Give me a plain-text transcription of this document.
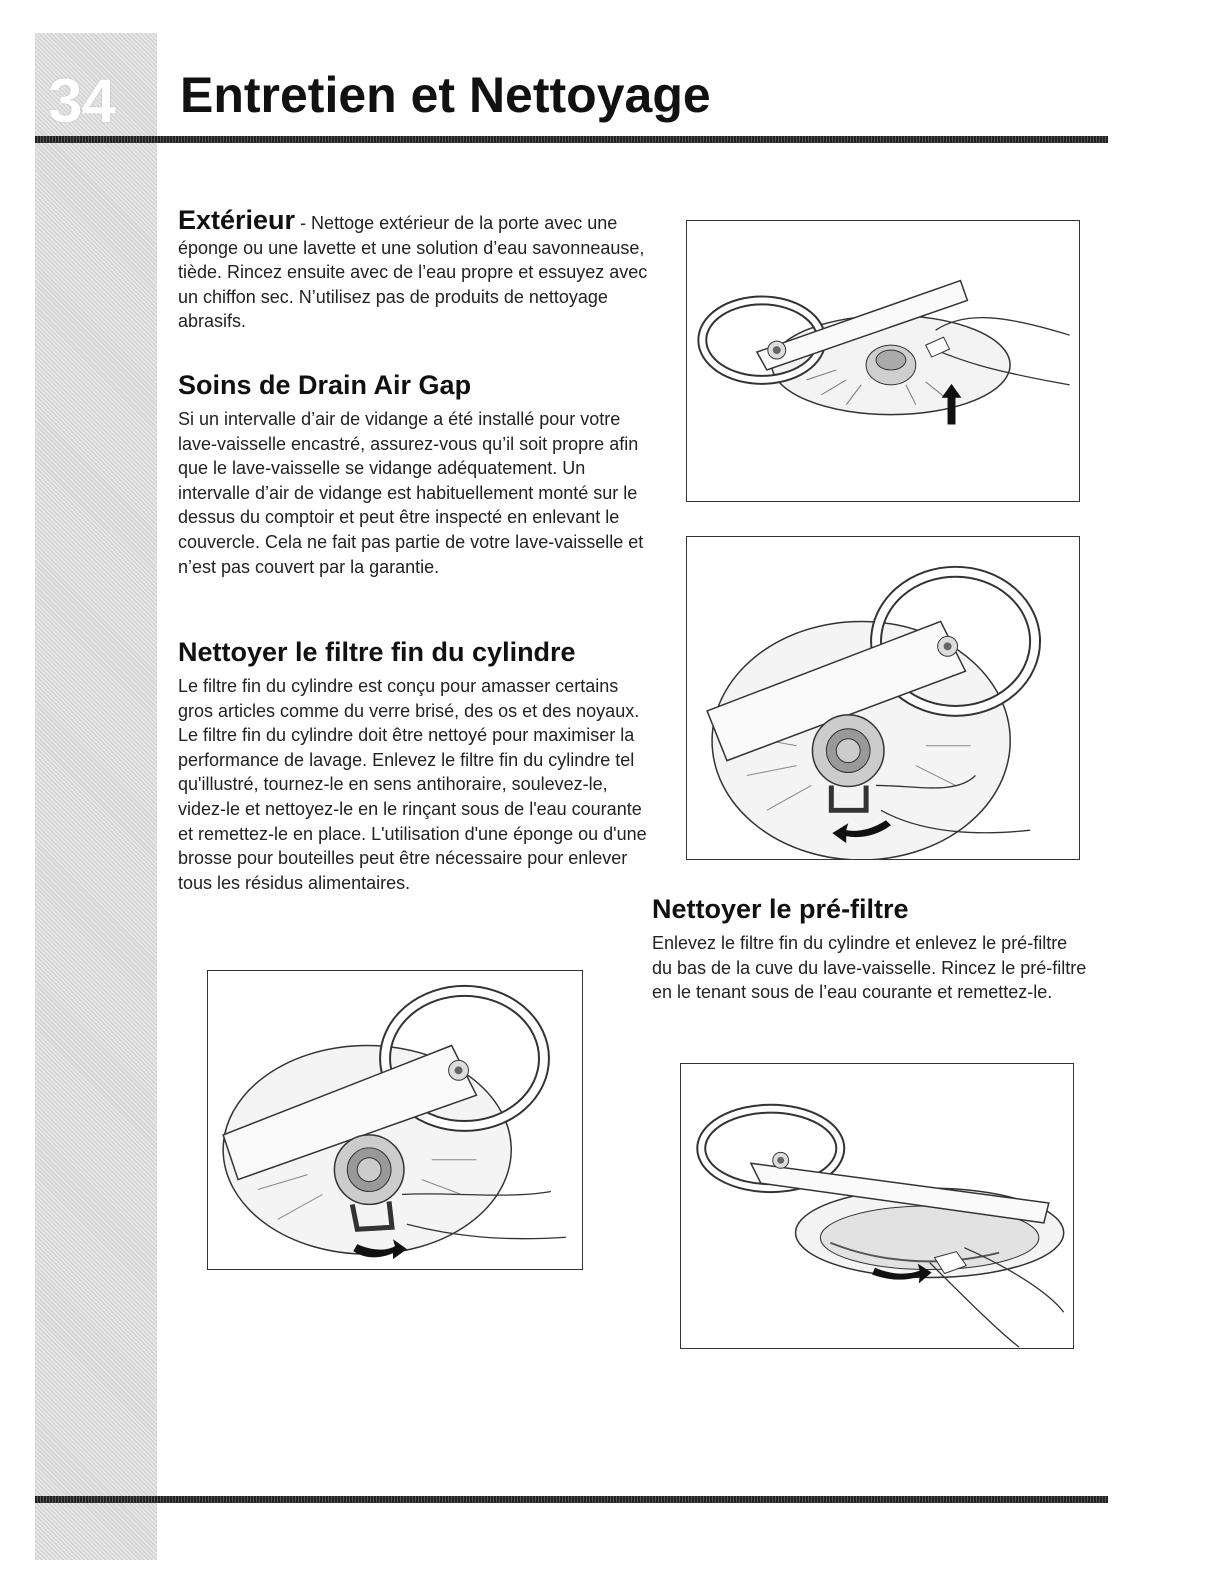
34 Entretien et Nettoyage

Extérieur - Nettoge extérieur de la porte avec une éponge ou une lavette et une solution d’eau savonneause, tiède. Rincez ensuite avec de l’eau propre et essuyez avec un chiffon sec. N’utilisez pas de produits de nettoyage abrasifs.

Soins de Drain Air Gap

Si un intervalle d’air de vidange a été installé pour votre lave-vaisselle encastré, assurez-vous qu’il soit propre afin que le lave-vaisselle se vidange adéquatement. Un intervalle d’air de vidange est habituellement monté sur le dessus du comptoir et peut être inspecté en enlevant le couvercle. Cela ne fait pas partie de votre lave-vaisselle et n’est pas couvert par la garantie.

Nettoyer le filtre fin du cylindre

Le filtre fin du cylindre est conçu pour amasser certains gros articles comme du verre brisé, des os et des noyaux. Le filtre fin du cylindre doit être nettoyé pour maximiser la performance de lavage. Enlevez le filtre fin du cylindre tel qu'illustré, tournez-le en sens antihoraire, soulevez-le, videz-le et nettoyez-le en le rinçant sous de l'eau courante et remettez-le en place. L'utilisation d'une éponge ou d'une brosse pour bouteilles peut être nécessaire pour enlever tous les résidus alimentaires.

Nettoyer le pré-filtre

Enlevez le filtre fin du cylindre et enlevez le pré-filtre du bas de la cuve du lave-vaisselle. Rincez le pré-filtre en le tenant sous de l’eau courante et remettez-le.
